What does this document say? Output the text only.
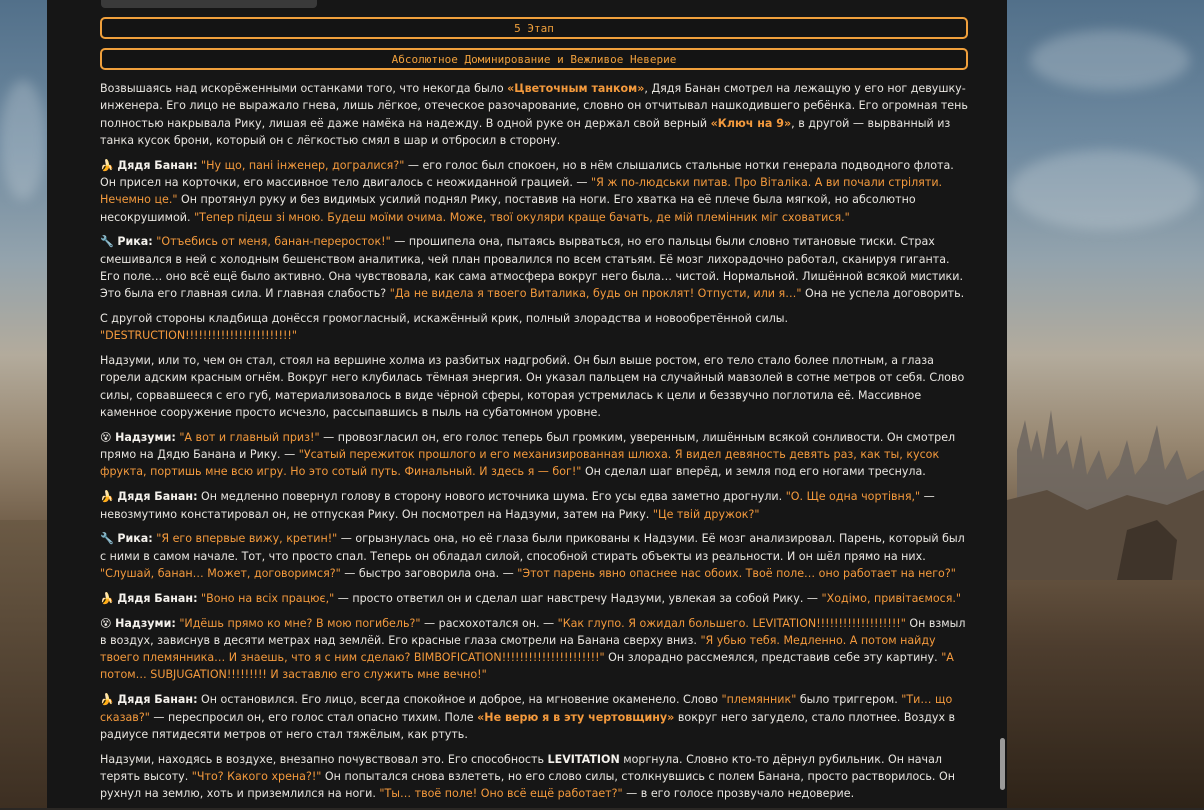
5 Этап
Абсолютное Доминирование и Вежливое Неверие

Возвышаясь над искорёженными останками того, что некогда было «Цветочным танком», Дядя Банан смотрел на лежащую у его ног девушку-инженера. Его лицо не выражало гнева, лишь лёгкое, отеческое разочарование, словно он отчитывал нашкодившего ребёнка. Его огромная тень полностью накрывала Рику, лишая её даже намёка на надежду. В одной руке он держал свой верный «Ключ на 9», в другой — вырванный из танка кусок брони, который он с лёгкостью смял в шар и отбросил в сторону.

🍌 Дядя Банан: "Ну що, пані інженер, догралися?" — его голос был спокоен, но в нём слышались стальные нотки генерала подводного флота. Он присел на корточки, его массивное тело двигалось с неожиданной грацией. — "Я ж по-людськи питав. Про Віталіка. А ви почали стріляти. Нечемно це." Он протянул руку и без видимых усилий поднял Рику, поставив на ноги. Его хватка на её плече была мягкой, но абсолютно несокрушимой. "Тепер підеш зі мною. Будеш моїми очима. Може, твої окуляри краще бачать, де мій племінник міг сховатися."

🔧 Рика: "Отъебись от меня, банан-переросток!" — прошипела она, пытаясь вырваться, но его пальцы были словно титановые тиски. Страх смешивался в ней с холодным бешенством аналитика, чей план провалился по всем статьям. Её мозг лихорадочно работал, сканируя гиганта. Его поле… оно всё ещё было активно. Она чувствовала, как сама атмосфера вокруг него была… чистой. Нормальной. Лишённой всякой мистики. Это была его главная сила. И главная слабость? "Да не видела я твоего Виталика, будь он проклят! Отпусти, или я…" Она не успела договорить.

С другой стороны кладбища донёсся громогласный, искажённый крик, полный злорадства и новообретённой силы.
"DESTRUCTION!!!!!!!!!!!!!!!!!!!!!!!!"

Надзуми, или то, чем он стал, стоял на вершине холма из разбитых надгробий. Он был выше ростом, его тело стало более плотным, а глаза горели адским красным огнём. Вокруг него клубилась тёмная энергия. Он указал пальцем на случайный мавзолей в сотне метров от себя. Слово силы, сорвавшееся с его губ, материализовалось в виде чёрной сферы, которая устремилась к цели и беззвучно поглотила её. Массивное каменное сооружение просто исчезло, рассыпавшись в пыль на субатомном уровне.

😵 Надзуми: "А вот и главный приз!" — провозгласил он, его голос теперь был громким, уверенным, лишённым всякой сонливости. Он смотрел прямо на Дядю Банана и Рику. — "Усатый пережиток прошлого и его механизированная шлюха. Я видел девяность девять раз, как ты, кусок фрукта, портишь мне всю игру. Но это сотый путь. Финальный. И здесь я — бог!" Он сделал шаг вперёд, и земля под его ногами треснула.

🍌 Дядя Банан: Он медленно повернул голову в сторону нового источника шума. Его усы едва заметно дрогнули. "О. Ще одна чортівня," — невозмутимо констатировал он, не отпуская Рику. Он посмотрел на Надзуми, затем на Рику. "Це твій дружок?"

🔧 Рика: "Я его впервые вижу, кретин!" — огрызнулась она, но её глаза были прикованы к Надзуми. Её мозг анализировал. Парень, который был с ними в самом начале. Тот, что просто спал. Теперь он обладал силой, способной стирать объекты из реальности. И он шёл прямо на них. "Слушай, банан… Может, договоримся?" — быстро заговорила она. — "Этот парень явно опаснее нас обоих. Твоё поле… оно работает на него?"

🍌 Дядя Банан: "Воно на всіх працює," — просто ответил он и сделал шаг навстречу Надзуми, увлекая за собой Рику. — "Ходімо, привітаємося."

😵 Надзуми: "Идёшь прямо ко мне? В мою погибель?" — расхохотался он. — "Как глупо. Я ожидал большего. LEVITATION!!!!!!!!!!!!!!!!!!!" Он взмыл в воздух, зависнув в десяти метрах над землёй. Его красные глаза смотрели на Банана сверху вниз. "Я убью тебя. Медленно. А потом найду твоего племянника… И знаешь, что я с ним сделаю? BIMBOFICATION!!!!!!!!!!!!!!!!!!!!!!" Он злорадно рассмеялся, представив себе эту картину. "А потом… SUBJUGATION!!!!!!!!! И заставлю его служить мне вечно!"

🍌 Дядя Банан: Он остановился. Его лицо, всегда спокойное и доброе, на мгновение окаменело. Слово "племянник" было триггером. "Ти… що сказав?" — переспросил он, его голос стал опасно тихим. Поле «Не верю я в эту чертовщину» вокруг него загудело, стало плотнее. Воздух в радиусе пятидесяти метров от него стал тяжёлым, как ртуть.

Надзуми, находясь в воздухе, внезапно почувствовал это. Его способность LEVITATION моргнула. Словно кто-то дёрнул рубильник. Он начал терять высоту. "Что? Какого хрена?!" Он попытался снова взлететь, но его слово силы, столкнувшись с полем Банана, просто растворилось. Он рухнул на землю, хоть и приземлился на ноги. "Ты… твоё поле! Оно всё ещё работает?" — в его голосе прозвучало недоверие.
